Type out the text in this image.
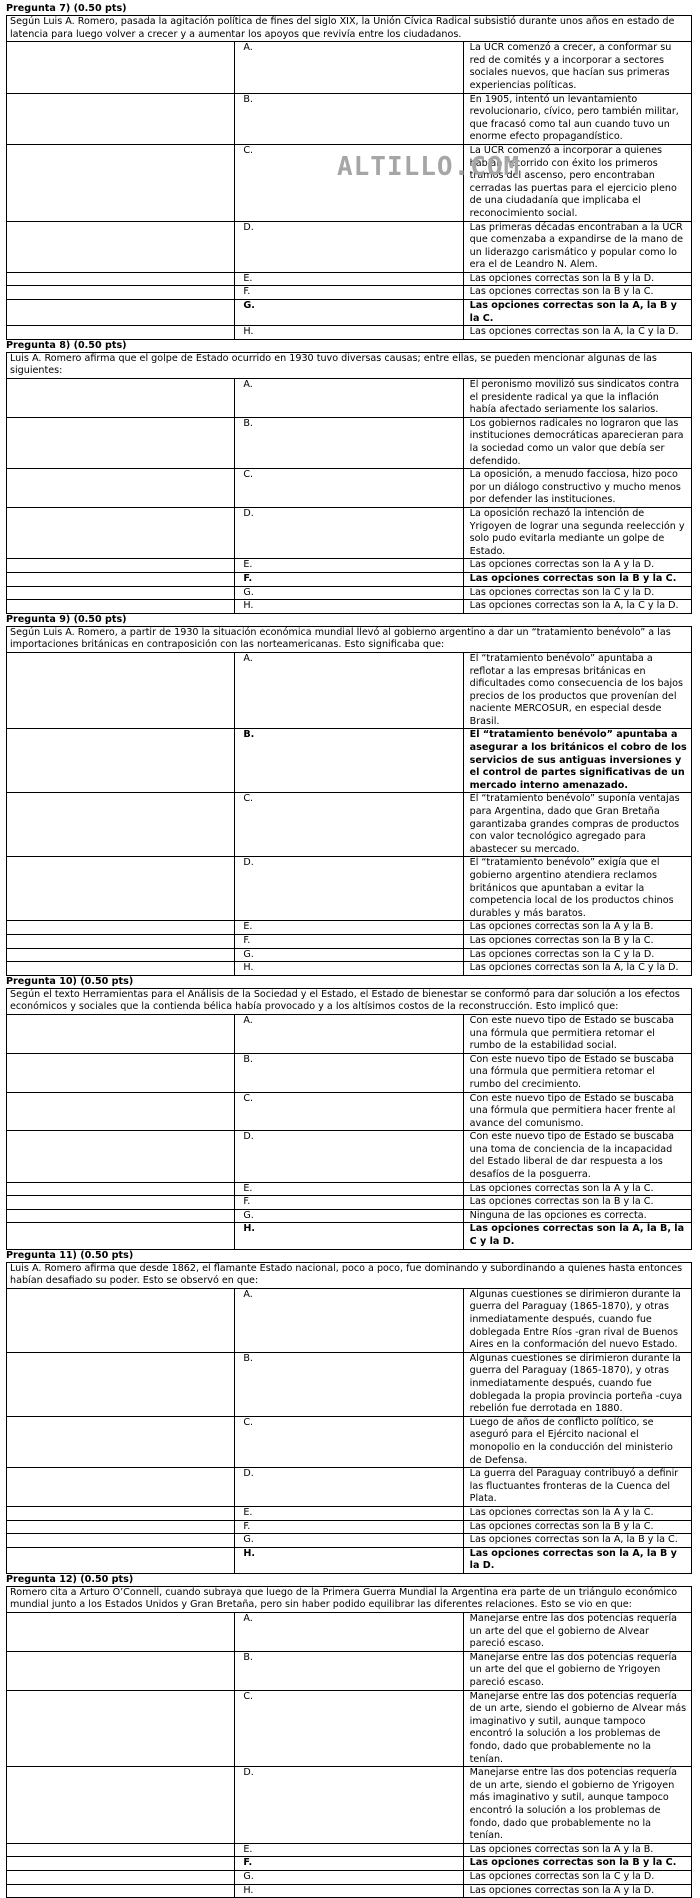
Pregunta 7) (0.50 pts)
Según Luis A. Romero, pasada la agitación política de fines del siglo XIX, la Unión Cívica Radical subsistió durante unos años en estado de latencia para luego volver a crecer y a aumentar los apoyos que revivía entre los ciudadanos.		
	A.	La UCR comenzó a crecer, a conformar su red de comités y a incorporar a sectores sociales nuevos, que hacían sus primeras experiencias políticas.
	B.	En 1905, intentó un levantamiento revolucionario, cívico, pero también militar, que fracasó como tal aun cuando tuvo un enorme efecto propagandístico.
	C.	La UCR comenzó a incorporar a quienes habían recorrido con éxito los primeros tramos del ascenso, pero encontraban cerradas las puertas para el ejercicio pleno de una ciudadanía que implicaba el reconocimiento social.
	D.	Las primeras décadas encontraban a la UCR que comenzaba a expandirse de la mano de un liderazgo carismático y popular como lo era el de Leandro N. Alem.
	E.	Las opciones correctas son la B y la D.
	F.	Las opciones correctas son la B y la C.
	G.	Las opciones correctas son la A, la B y la C.
	H.	Las opciones correctas son la A, la C y la D.
Pregunta 8) (0.50 pts)
Luis A. Romero afirma que el golpe de Estado ocurrido en 1930 tuvo diversas causas; entre ellas, se pueden mencionar algunas de las siguientes:		
	A.	El peronismo movilizó sus sindicatos contra el presidente radical ya que la inflación había afectado seriamente los salarios.
	B.	Los gobiernos radicales no lograron que las instituciones democráticas aparecieran para la sociedad como un valor que debía ser defendido.
	C.	La oposición, a menudo facciosa, hizo poco por un diálogo constructivo y mucho menos por defender las instituciones.
	D.	La oposición rechazó la intención de Yrigoyen de lograr una segunda reelección y solo pudo evitarla mediante un golpe de Estado.
	E.	Las opciones correctas son la A y la D.
	F.	Las opciones correctas son la B y la C.
	G.	Las opciones correctas son la C y la D.
	H.	Las opciones correctas son la A, la C y la D.
Pregunta 9) (0.50 pts)
Según Luis A. Romero, a partir de 1930 la situación económica mundial llevó al gobierno argentino a dar un “tratamiento benévolo” a las importaciones británicas en contraposición con las norteamericanas. Esto significaba que:		
	A.	El “tratamiento benévolo” apuntaba a reflotar a las empresas británicas en dificultades como consecuencia de los bajos precios de los productos que provenían del naciente MERCOSUR, en especial desde Brasil.
	B.	El “tratamiento benévolo” apuntaba a asegurar a los británicos el cobro de los servicios de sus antiguas inversiones y el control de partes significativas de un mercado interno amenazado.
	C.	El “tratamiento benévolo” suponía ventajas para Argentina, dado que Gran Bretaña garantizaba grandes compras de productos con valor tecnológico agregado para abastecer su mercado.
	D.	El “tratamiento benévolo” exigía que el gobierno argentino atendiera reclamos británicos que apuntaban a evitar la competencia local de los productos chinos durables y más baratos.
	E.	Las opciones correctas son la A y la B.
	F.	Las opciones correctas son la B y la C.
	G.	Las opciones correctas son la C y la D.
	H.	Las opciones correctas son la A, la C y la D.
Pregunta 10) (0.50 pts)
Según el texto Herramientas para el Análisis de la Sociedad y el Estado, el Estado de bienestar se conformó para dar solución a los efectos económicos y sociales que la contienda bélica había provocado y a los altísimos costos de la reconstrucción. Esto implicó que:		
	A.	Con este nuevo tipo de Estado se buscaba una fórmula que permitiera retomar el rumbo de la estabilidad social.
	B.	Con este nuevo tipo de Estado se buscaba una fórmula que permitiera retomar el rumbo del crecimiento.
	C.	Con este nuevo tipo de Estado se buscaba una fórmula que permitiera hacer frente al avance del comunismo.
	D.	Con este nuevo tipo de Estado se buscaba una toma de conciencia de la incapacidad del Estado liberal de dar respuesta a los desafíos de la posguerra.
	E.	Las opciones correctas son la A y la C.
	F.	Las opciones correctas son la B y la C.
	G.	Ninguna de las opciones es correcta.
	H.	Las opciones correctas son la A, la B, la C y la D.
Pregunta 11) (0.50 pts)
Luis A. Romero afirma que desde 1862, el flamante Estado nacional, poco a poco, fue dominando y subordinando a quienes hasta entonces habían desafiado su poder. Esto se observó en que:		
	A.	Algunas cuestiones se dirimieron durante la guerra del Paraguay (1865-1870), y otras inmediatamente después, cuando fue doblegada Entre Ríos -gran rival de Buenos Aires en la conformación del nuevo Estado.
	B.	Algunas cuestiones se dirimieron durante la guerra del Paraguay (1865-1870), y otras inmediatamente después, cuando fue doblegada la propia provincia porteña -cuya rebelión fue derrotada en 1880.
	C.	Luego de años de conflicto político, se aseguró para el Ejército nacional el monopolio en la conducción del ministerio de Defensa.
	D.	La guerra del Paraguay contribuyó a definir las fluctuantes fronteras de la Cuenca del Plata.
	E.	Las opciones correctas son la A y la C.
	F.	Las opciones correctas son la B y la C.
	G.	Las opciones correctas son la A, la B y la C.
	H.	Las opciones correctas son la A, la B y la D.
Pregunta 12) (0.50 pts)
Romero cita a Arturo O’Connell, cuando subraya que luego de la Primera Guerra Mundial la Argentina era parte de un triángulo económico mundial junto a los Estados Unidos y Gran Bretaña, pero sin haber podido equilibrar las diferentes relaciones. Esto se vio en que:		
	A.	Manejarse entre las dos potencias requería un arte del que el gobierno de Alvear pareció escaso.
	B.	Manejarse entre las dos potencias requería un arte del que el gobierno de Yrigoyen pareció escaso.
	C.	Manejarse entre las dos potencias requería de un arte, siendo el gobierno de Alvear más imaginativo y sutil, aunque tampoco encontró la solución a los problemas de fondo, dado que probablemente no la tenían.
	D.	Manejarse entre las dos potencias requería de un arte, siendo el gobierno de Yrigoyen más imaginativo y sutil, aunque tampoco encontró la solución a los problemas de fondo, dado que probablemente no la tenían.
	E.	Las opciones correctas son la A y la B.
	F.	Las opciones correctas son la B y la C.
	G.	Las opciones correctas son la C y la D.
	H.	Las opciones correctas son la A y la D.
ALTILLO.COM
